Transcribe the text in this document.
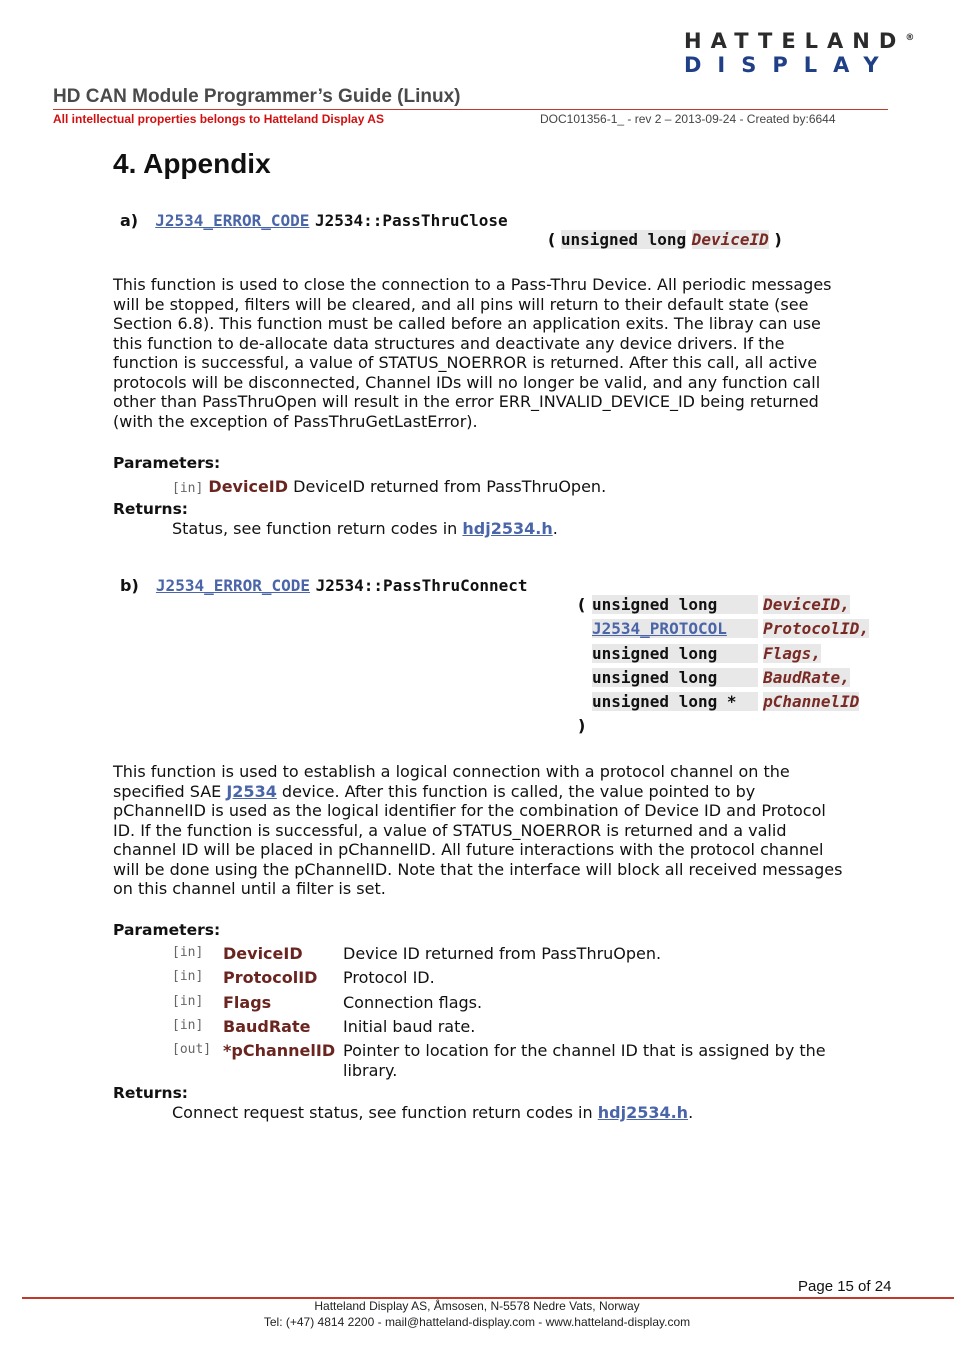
HATTELAND®
DISPLAY
HD CAN Module Programmer’s Guide (Linux)
All intellectual properties belongs to Hatteland Display AS	DOC101356-1_ - rev 2 – 2013-09-24 - Created by:6644
4. Appendix
a) J2534_ERROR_CODE J2534::PassThruClose
( unsigned long DeviceID )
This function is used to close the connection to a Pass-Thru Device. All periodic messages will be stopped, filters will be cleared, and all pins will return to their default state (see Section 6.8). This function must be called before an application exits. The libray can use this function to de-allocate data structures and deactivate any device drivers. If the function is successful, a value of STATUS_NOERROR is returned. After this call, all active protocols will be disconnected, Channel IDs will no longer be valid, and any function call other than PassThruOpen will result in the error ERR_INVALID_DEVICE_ID being returned (with the exception of PassThruGetLastError).
Parameters:
[in] DeviceID DeviceID returned from PassThruOpen.
Returns:
Status, see function return codes in hdj2534.h.
b) J2534_ERROR_CODE J2534::PassThruConnect
( unsigned long	DeviceID,
J2534_PROTOCOL ProtocolID,
unsigned long	Flags,
unsigned long	BaudRate,
unsigned long * pChannelID
)
This function is used to establish a logical connection with a protocol channel on the specified SAE J2534 device. After this function is called, the value pointed to by pChannelID is used as the logical identifier for the combination of Device ID and Protocol ID. If the function is successful, a value of STATUS_NOERROR is returned and a valid channel ID will be placed in pChannelID. All future interactions with the protocol channel will be done using the pChannelID. Note that the interface will block all received messages on this channel until a filter is set.
Parameters:
[in]	DeviceID	Device ID returned from PassThruOpen.
[in]	ProtocolID	Protocol ID.
[in]	Flags	Connection flags.
[in]	BaudRate	Initial baud rate.
[out] *pChannelID Pointer to location for the channel ID that is assigned by the library.
Returns:
Connect request status, see function return codes in hdj2534.h.
Page 15 of 24
Hatteland Display AS, Åmsosen, N-5578 Nedre Vats, Norway
Tel: (+47) 4814 2200 - mail@hatteland-display.com - www.hatteland-display.com
